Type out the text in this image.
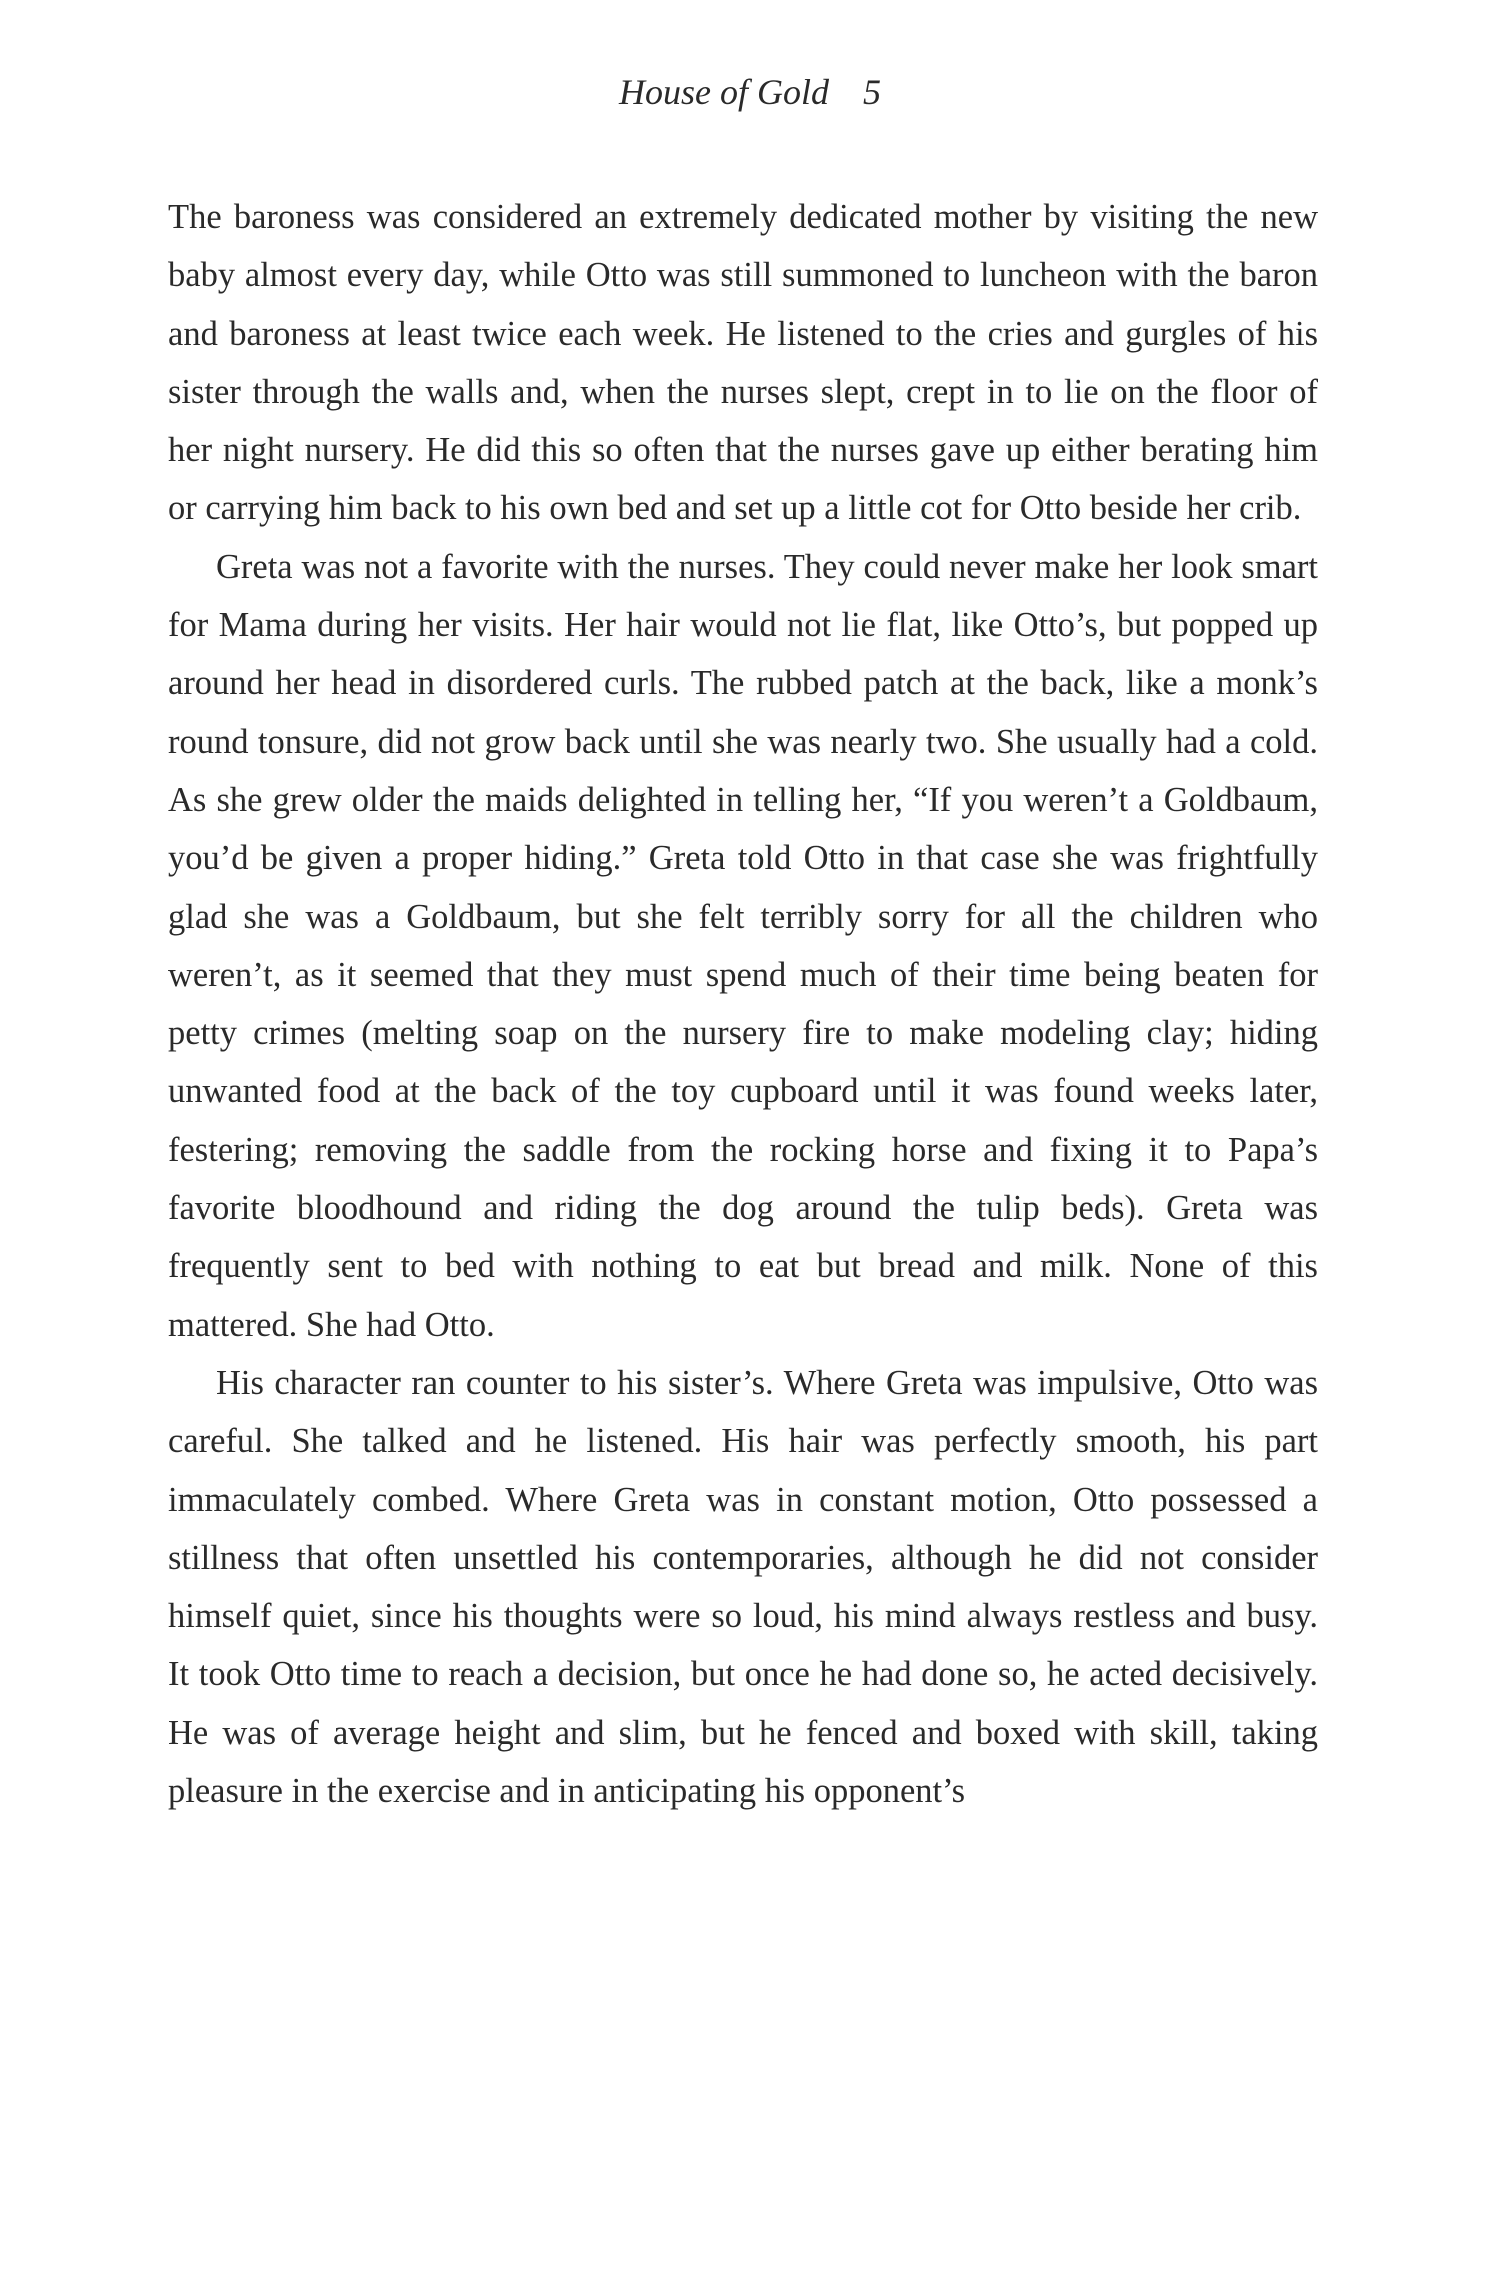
House of Gold 5

The baroness was considered an extremely dedicated mother by visiting the new baby almost every day, while Otto was still summoned to luncheon with the baron and baroness at least twice each week. He listened to the cries and gurgles of his sister through the walls and, when the nurses slept, crept in to lie on the floor of her night nursery. He did this so often that the nurses gave up either berating him or carrying him back to his own bed and set up a little cot for Otto beside her crib.

Greta was not a favorite with the nurses. They could never make her look smart for Mama during her visits. Her hair would not lie flat, like Otto’s, but popped up around her head in disordered curls. The rubbed patch at the back, like a monk’s round tonsure, did not grow back until she was nearly two. She usually had a cold. As she grew older the maids delighted in telling her, “If you weren’t a Goldbaum, you’d be given a proper hiding.” Greta told Otto in that case she was frightfully glad she was a Goldbaum, but she felt terribly sorry for all the children who weren’t, as it seemed that they must spend much of their time being beaten for petty crimes (melting soap on the nursery fire to make modeling clay; hiding unwanted food at the back of the toy cupboard until it was found weeks later, festering; removing the saddle from the rocking horse and fixing it to Papa’s favorite bloodhound and riding the dog around the tulip beds). Greta was frequently sent to bed with nothing to eat but bread and milk. None of this mattered. She had Otto.

His character ran counter to his sister’s. Where Greta was impulsive, Otto was careful. She talked and he listened. His hair was perfectly smooth, his part immaculately combed. Where Greta was in constant motion, Otto possessed a stillness that often unsettled his contemporaries, although he did not consider himself quiet, since his thoughts were so loud, his mind always restless and busy. It took Otto time to reach a decision, but once he had done so, he acted decisively. He was of average height and slim, but he fenced and boxed with skill, taking pleasure in the exercise and in anticipating his opponent’s
